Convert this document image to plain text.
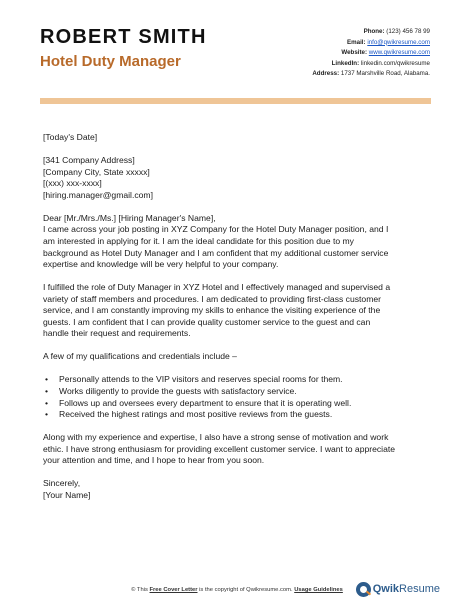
ROBERT SMITH
Hotel Duty Manager
Phone: (123) 456 78 99
Email: info@qwikresume.com
Website: www.qwikresume.com
LinkedIn: linkedin.com/qwikresume
Address: 1737 Marshville Road, Alabama.
[Today's Date]
[341 Company Address]
[Company City, State xxxxx]
[(xxx) xxx-xxxx]
[hiring.manager@gmail.com]
Dear [Mr./Mrs./Ms.] [Hiring Manager's Name],
I came across your job posting in XYZ Company for the Hotel Duty Manager position, and I
am interested in applying for it. I am the ideal candidate for this position due to my
background as Hotel Duty Manager and I am confident that my additional customer service
expertise and knowledge will be very helpful to your company.
I fulfilled the role of Duty Manager in XYZ Hotel and I effectively managed and supervised a
variety of staff members and procedures. I am dedicated to providing first-class customer
service, and I am constantly improving my skills to enhance the visiting experience of the
guests. I am confident that I can provide quality customer service to the guest and can
handle their request and requirements.
A few of my qualifications and credentials include –
• Personally attends to the VIP visitors and reserves special rooms for them.
• Works diligently to provide the guests with satisfactory service.
• Follows up and oversees every department to ensure that it is operating well.
• Received the highest ratings and most positive reviews from the guests.
Along with my experience and expertise, I also have a strong sense of motivation and work
ethic. I have strong enthusiasm for providing excellent customer service. I want to appreciate
your attention and time, and I hope to hear from you soon.
Sincerely,
[Your Name]
© This Free Cover Letter is the copyright of Qwikresume.com. Usage Guidelines	Qwik Resume
